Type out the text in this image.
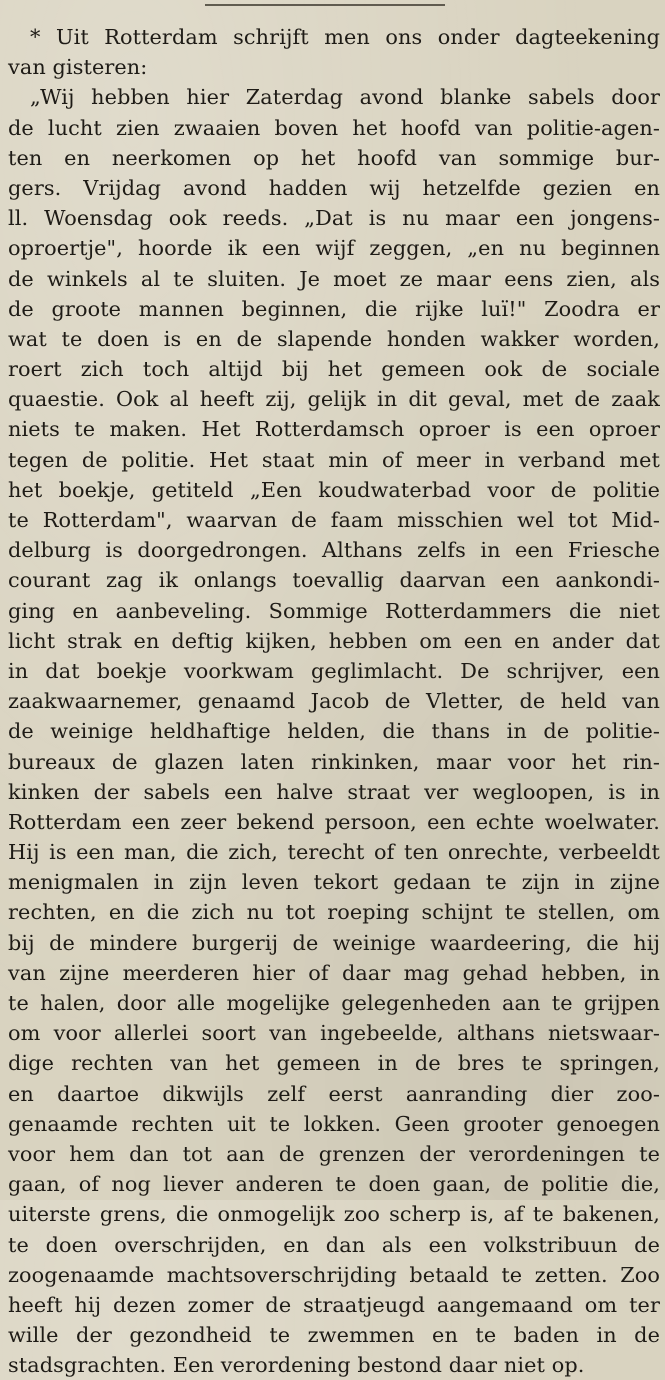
* Uit Rotterdam schrijft men ons onder dagteekening
van gisteren:
„Wij hebben hier Zaterdag avond blanke sabels door
de lucht zien zwaaien boven het hoofd van politie-agen-
ten en neerkomen op het hoofd van sommige bur-
gers. Vrijdag avond hadden wij hetzelfde gezien en
ll. Woensdag ook reeds. „Dat is nu maar een jongens-
oproertje", hoorde ik een wijf zeggen, „en nu beginnen
de winkels al te sluiten. Je moet ze maar eens zien, als
de groote mannen beginnen, die rijke luï!" Zoodra er
wat te doen is en de slapende honden wakker worden,
roert zich toch altijd bij het gemeen ook de sociale
quaestie. Ook al heeft zij, gelijk in dit geval, met de zaak
niets te maken. Het Rotterdamsch oproer is een oproer
tegen de politie. Het staat min of meer in verband met
het boekje, getiteld „Een koudwaterbad voor de politie
te Rotterdam", waarvan de faam misschien wel tot Mid-
delburg is doorgedrongen. Althans zelfs in een Friesche
courant zag ik onlangs toevallig daarvan een aankondi-
ging en aanbeveling. Sommige Rotterdammers die niet
licht strak en deftig kijken, hebben om een en ander dat
in dat boekje voorkwam geglimlacht. De schrijver, een
zaakwaarnemer, genaamd Jacob de Vletter, de held van
de weinige heldhaftige helden, die thans in de politie-
bureaux de glazen laten rinkinken, maar voor het rin-
kinken der sabels een halve straat ver wegloopen, is in
Rotterdam een zeer bekend persoon, een echte woelwater.
Hij is een man, die zich, terecht of ten onrechte, verbeeldt
menigmalen in zijn leven tekort gedaan te zijn in zijne
rechten, en die zich nu tot roeping schijnt te stellen, om
bij de mindere burgerij de weinige waardeering, die hij
van zijne meerderen hier of daar mag gehad hebben, in
te halen, door alle mogelijke gelegenheden aan te grijpen
om voor allerlei soort van ingebeelde, althans nietswaar-
dige rechten van het gemeen in de bres te springen,
en daartoe dikwijls zelf eerst aanranding dier zoo-
genaamde rechten uit te lokken. Geen grooter genoegen
voor hem dan tot aan de grenzen der verordeningen te
gaan, of nog liever anderen te doen gaan, de politie die,
uiterste grens, die onmogelijk zoo scherp is, af te bakenen,
te doen overschrijden, en dan als een volkstribuun de
zoogenaamde machtsoverschrijding betaald te zetten. Zoo
heeft hij dezen zomer de straatjeugd aangemaand om ter
wille der gezondheid te zwemmen en te baden in de
stadsgrachten. Een verordening bestond daar niet op.
